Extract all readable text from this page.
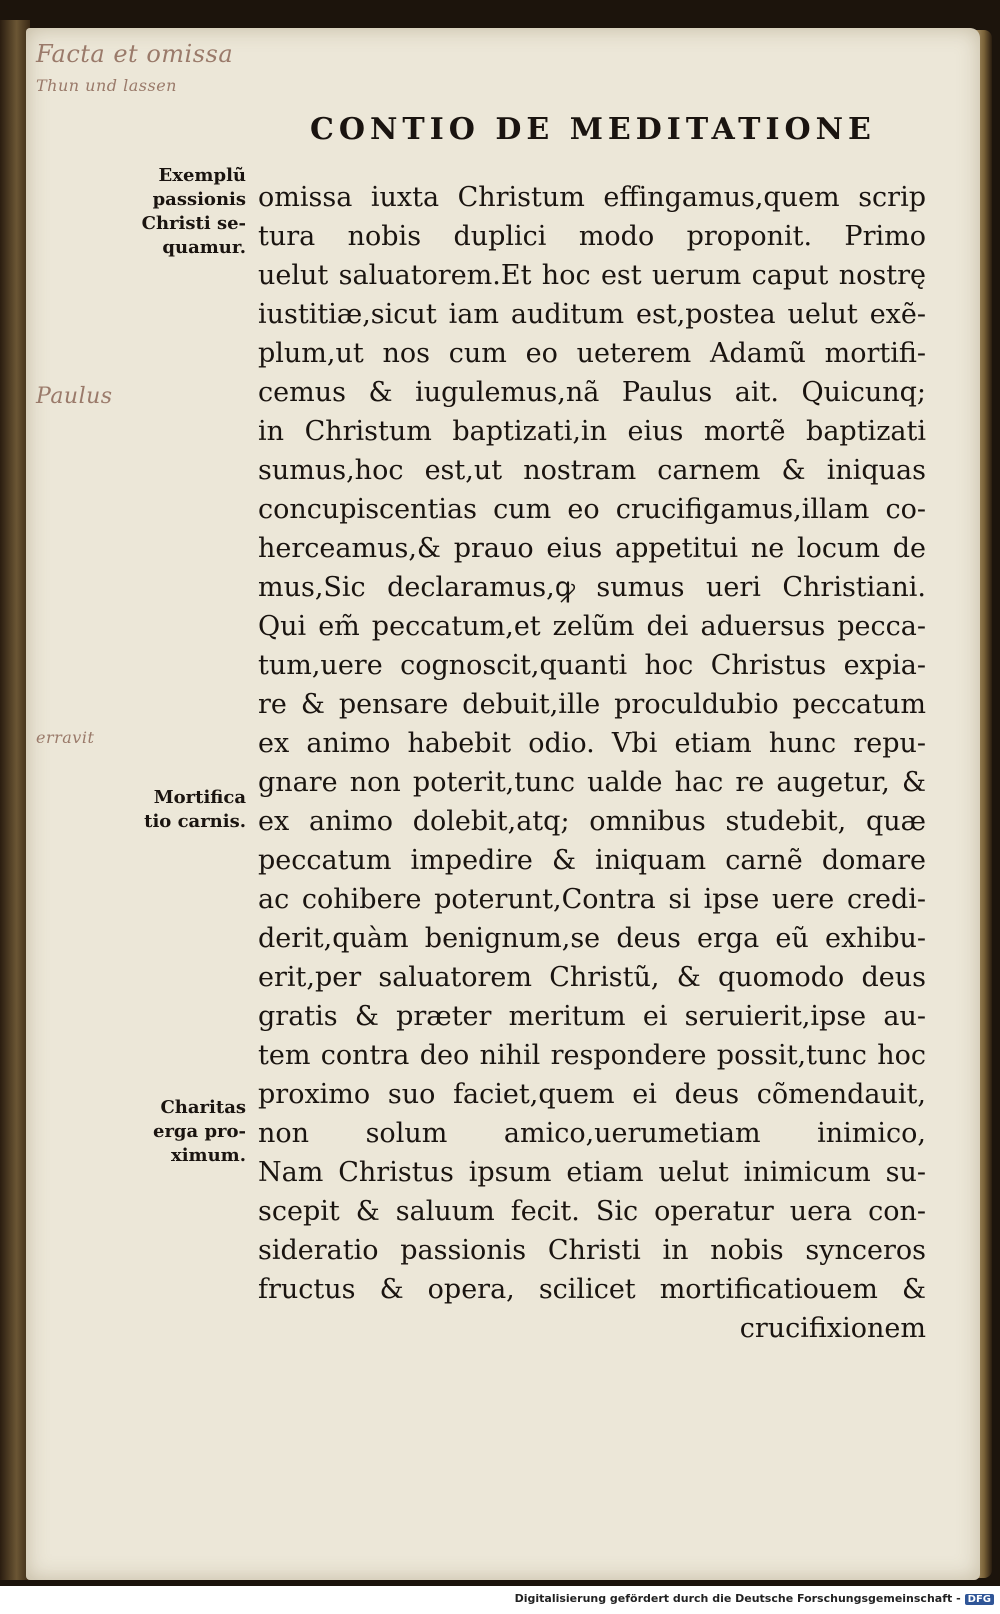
Facta et omissa
Thun und lassen
Paulus
erravit
CONTIO DE MEDITATIONE
Exemplũ
passionis
Christi se-
quamur.
Mortifica
tio carnis.
Charitas
erga pro-
ximum.
omissa iuxta Christum effingamus,quem scrip
tura nobis duplici modo proponit. Primo
uelut saluatorem.Et hoc est uerum caput nostrę
iustitiæ,sicut iam auditum est,postea uelut exẽ-
plum,ut nos cum eo ueterem Adamũ mortifi-
cemus & iugulemus,nã Paulus ait. Quicunq;
in Christum baptizati,in eius mortẽ baptizati
sumus,hoc est,ut nostram carnem & iniquas
concupiscentias cum eo crucifigamus,illam co-
herceamus,& prauo eius appetitui ne locum de
mus,Sic declaramus,ꝙ sumus ueri Christiani.
Qui em̃ peccatum,et zelũm dei aduersus pecca-
tum,uere cognoscit,quanti hoc Christus expia-
re & pensare debuit,ille proculdubio peccatum
ex animo habebit odio. Vbi etiam hunc repu-
gnare non poterit,tunc ualde hac re augetur, &
ex animo dolebit,atq; omnibus studebit, quæ
peccatum impedire & iniquam carnẽ domare
ac cohibere poterunt,Contra si ipse uere credi-
derit,quàm benignum,se deus erga eũ exhibu-
erit,per saluatorem Christũ, & quomodo deus
gratis & præter meritum ei seruierit,ipse au-
tem contra deo nihil respondere possit,tunc hoc
proximo suo faciet,quem ei deus cõmendauit,
non solum amico,uerumetiam inimico,
Nam Christus ipsum etiam uelut inimicum su-
scepit & saluum fecit. Sic operatur uera con-
sideratio passionis Christi in nobis synceros
fructus & opera, scilicet mortificatiouem &
crucifixionem
Digitalisierung gefördert durch die Deutsche Forschungsgemeinschaft - DFG
